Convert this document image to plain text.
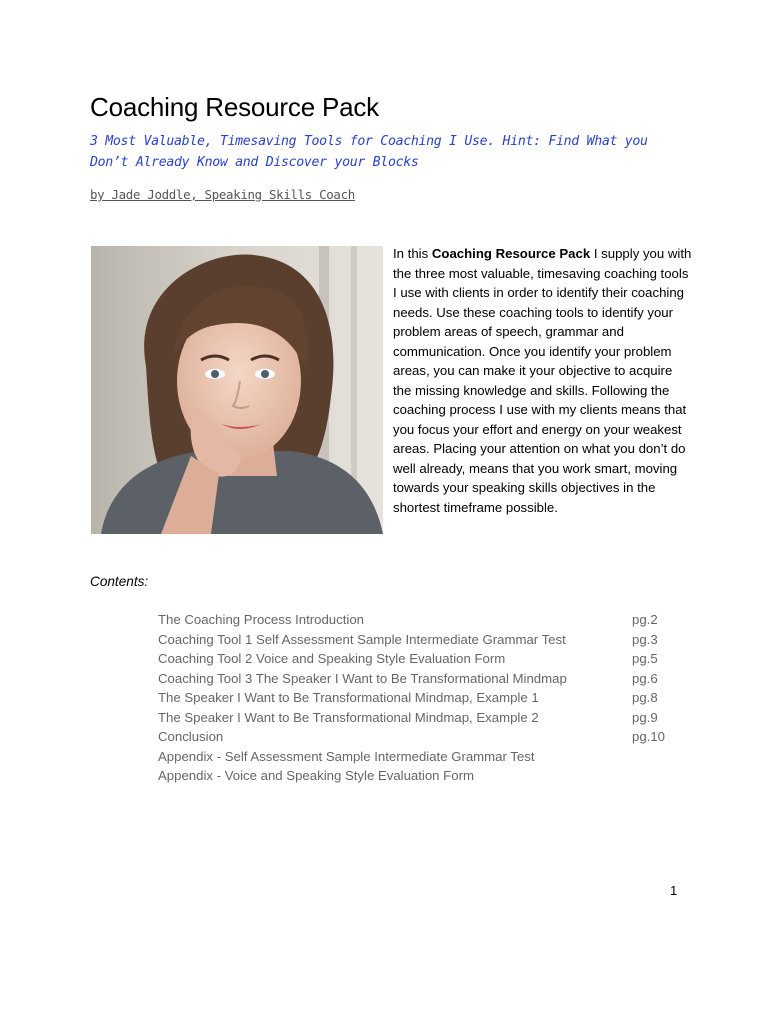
Coaching Resource Pack
3 Most Valuable, Timesaving Tools for Coaching I Use. Hint: Find What you Don’t Already Know and Discover your Blocks
by Jade Joddle, Speaking Skills Coach
In this Coaching Resource Pack I supply you with the three most valuable, timesaving coaching tools I use with clients in order to identify their coaching needs. Use these coaching tools to identify your problem areas of speech, grammar and communication. Once you identify your problem areas, you can make it your objective to acquire the missing knowledge and skills. Following the coaching process I use with my clients means that you focus your effort and energy on your weakest areas. Placing your attention on what you don’t do well already, means that you work smart, moving towards your speaking skills objectives in the shortest timeframe possible.
Contents:
The Coaching Process Introduction	pg.2
Coaching Tool 1 Self Assessment Sample Intermediate Grammar Test	pg.3
Coaching Tool 2 Voice and Speaking Style Evaluation Form	pg.5
Coaching Tool 3 The Speaker I Want to Be Transformational Mindmap	pg.6
The Speaker I Want to Be Transformational Mindmap, Example 1	pg.8
The Speaker I Want to Be Transformational Mindmap, Example 2	pg.9
Conclusion	pg.10
Appendix - Self Assessment Sample Intermediate Grammar Test
Appendix - Voice and Speaking Style Evaluation Form
1
